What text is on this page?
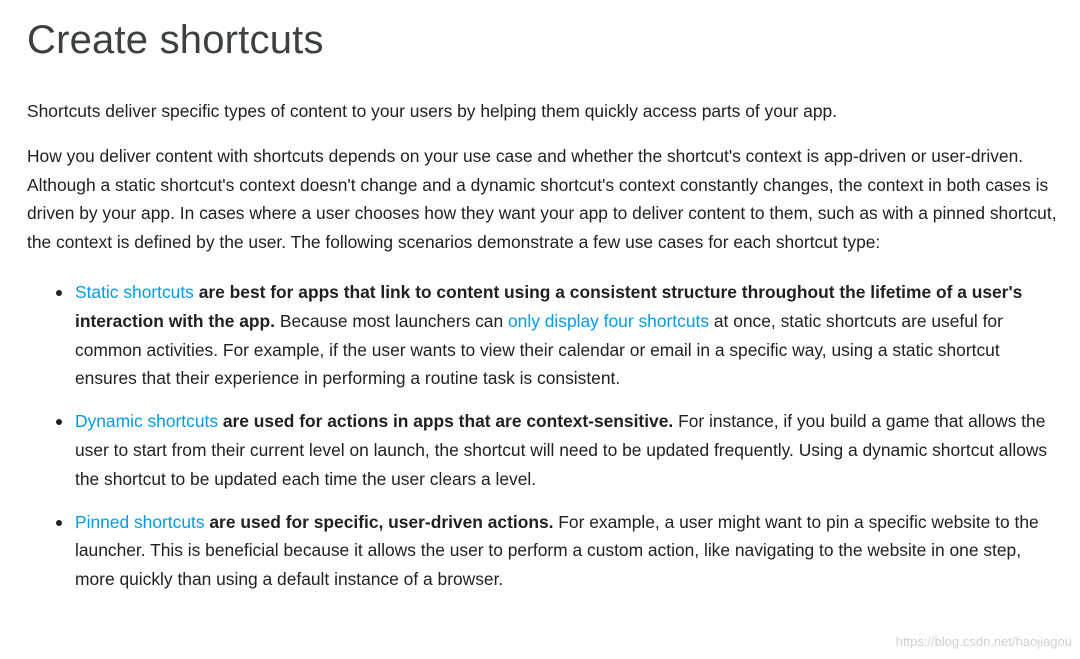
Create shortcuts

Shortcuts deliver specific types of content to your users by helping them quickly access parts of your app.

How you deliver content with shortcuts depends on your use case and whether the shortcut's context is app-driven or user-driven. Although a static shortcut's context doesn't change and a dynamic shortcut's context constantly changes, the context in both cases is driven by your app. In cases where a user chooses how they want your app to deliver content to them, such as with a pinned shortcut, the context is defined by the user. The following scenarios demonstrate a few use cases for each shortcut type:

Static shortcuts are best for apps that link to content using a consistent structure throughout the lifetime of a user's interaction with the app. Because most launchers can only display four shortcuts at once, static shortcuts are useful for common activities. For example, if the user wants to view their calendar or email in a specific way, using a static shortcut ensures that their experience in performing a routine task is consistent.
Dynamic shortcuts are used for actions in apps that are context-sensitive. For instance, if you build a game that allows the user to start from their current level on launch, the shortcut will need to be updated frequently. Using a dynamic shortcut allows the shortcut to be updated each time the user clears a level.
Pinned shortcuts are used for specific, user-driven actions. For example, a user might want to pin a specific website to the launcher. This is beneficial because it allows the user to perform a custom action, like navigating to the website in one step, more quickly than using a default instance of a browser.
https://blog.csdn.net/haojiagou
